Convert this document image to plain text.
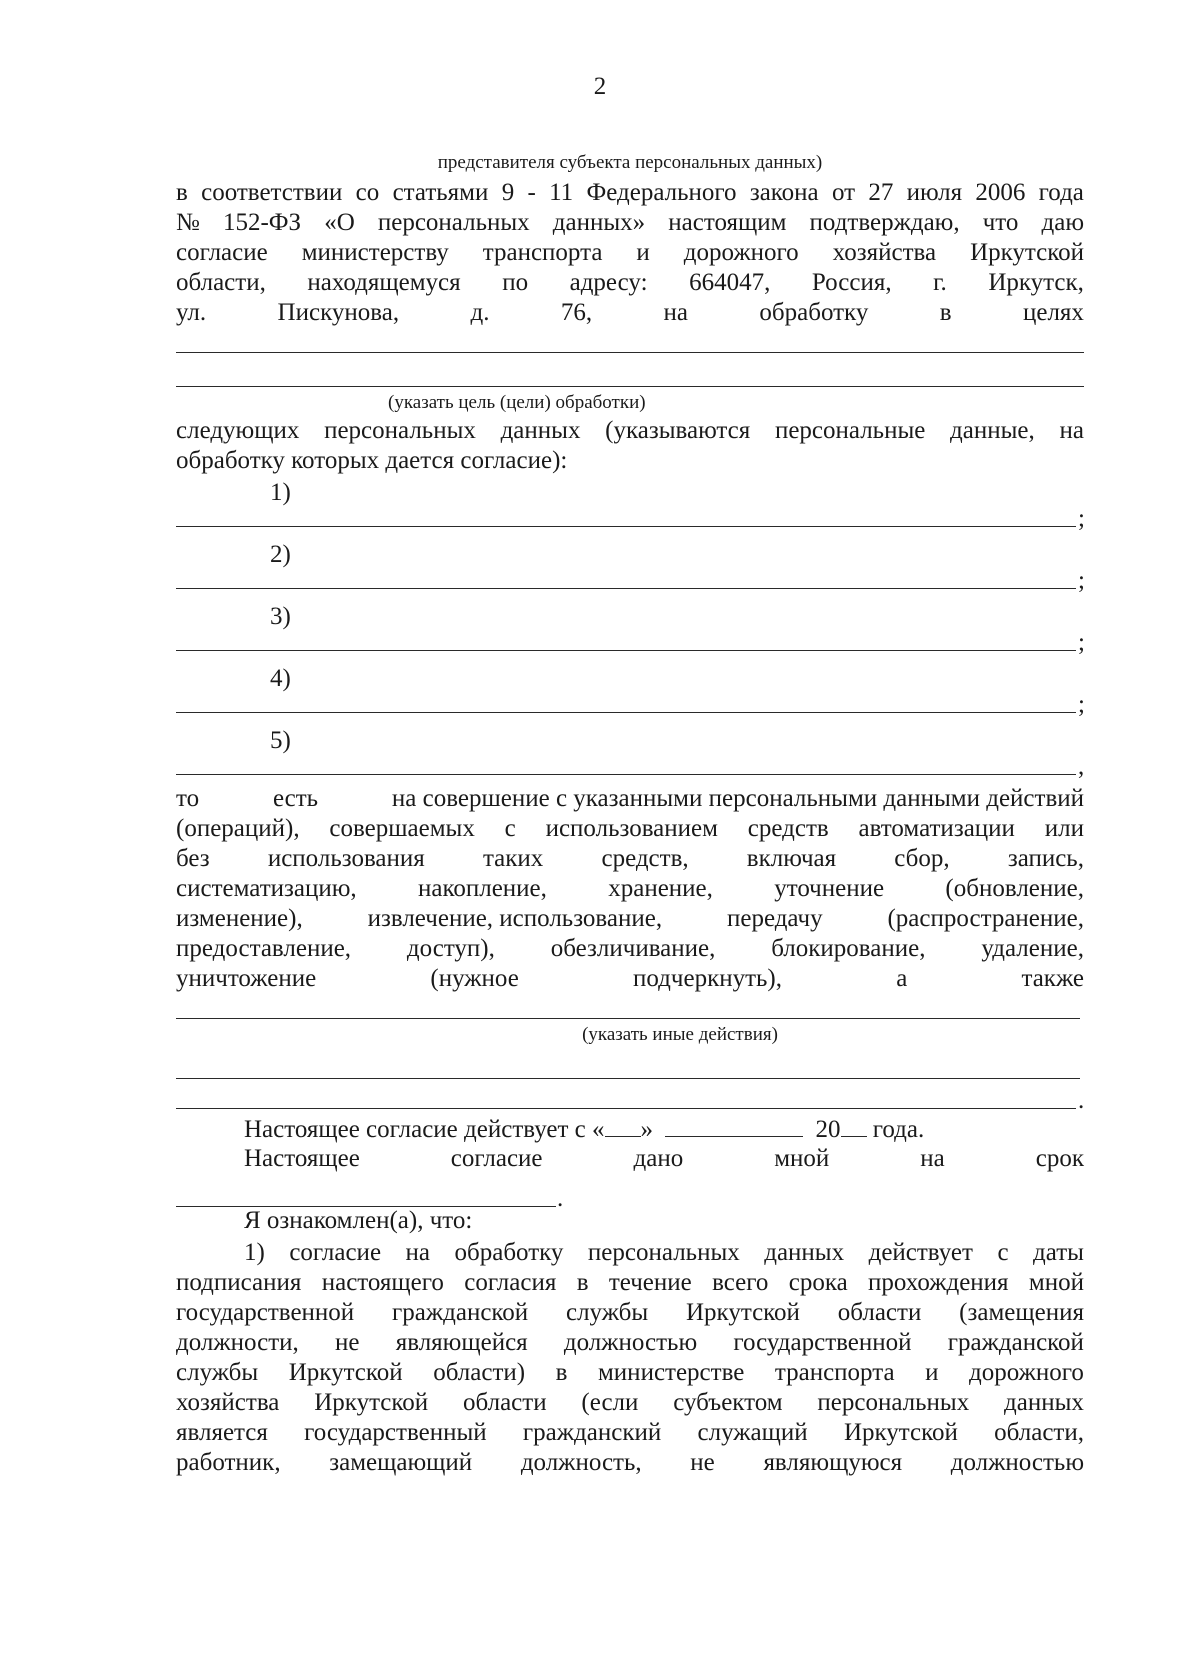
2
представителя субъекта персональных данных)
в соответствии со статьями 9 - 11 Федерального закона от 27 июля 2006 года
№ 152-ФЗ «О персональных данных» настоящим подтверждаю, что даю
согласие министерству транспорта и дорожного хозяйства Иркутской
области, находящемуся по адресу: 664047, Россия, г. Иркутск,
ул.	Пискунова,	д.	76,	на	обработку	в	целях
(указать цель (цели) обработки)
следующих персональных данных (указываются персональные данные, на
обработку которых дается согласие):
1)
;
2)
;
3)
;
4)
;
5)
,
то	есть	на совершение с указанными персональными данными действий
(операций), совершаемых с использованием средств автоматизации или
без использования таких средств, включая сбор, запись,
систематизацию, накопление, хранение, уточнение (обновление,
изменение),	извлечение, использование,	передачу	(распространение,
предоставление, доступ), обезличивание, блокирование, удаление,
уничтожение	(нужное	подчеркнуть),	а	также
(указать иные действия)
.
Настоящее согласие действует с « »	20 года.
Настоящее	согласие	дано	мной	на	срок
.
Я ознакомлен(а), что:
1) согласие на обработку персональных данных действует с даты
подписания настоящего согласия в течение всего срока прохождения мной
государственной гражданской службы Иркутской области (замещения
должности, не являющейся должностью государственной гражданской
службы Иркутской области) в министерстве транспорта и дорожного
хозяйства Иркутской области (если субъектом персональных данных
является государственный гражданский служащий Иркутской области,
работник, замещающий должность, не являющуюся должностью
